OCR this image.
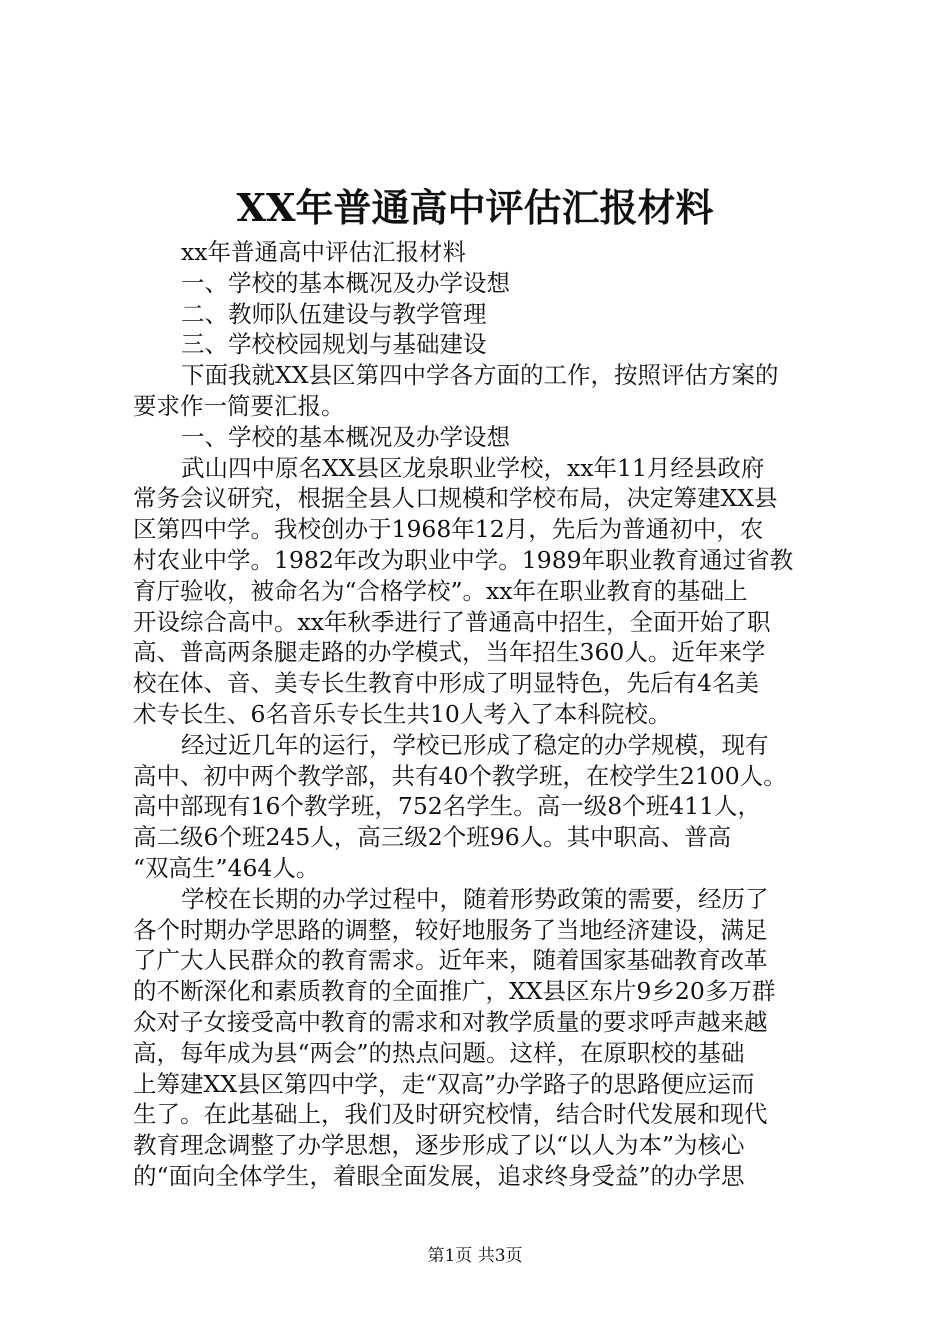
XX年普通高中评估汇报材料
xx年普通高中评估汇报材料
一、学校的基本概况及办学设想
二、教师队伍建设与教学管理
三、学校校园规划与基础建设
下面我就XX县区第四中学各方面的工作，按照评估方案的
要求作一简要汇报。
一、学校的基本概况及办学设想
武山四中原名XX县区龙泉职业学校，xx年11月经县政府
常务会议研究，根据全县人口规模和学校布局，决定筹建XX县
区第四中学。我校创办于1968年12月，先后为普通初中，农
村农业中学。1982年改为职业中学。1989年职业教育通过省教
育厅验收，被命名为“合格学校”。xx年在职业教育的基础上
开设综合高中。xx年秋季进行了普通高中招生，全面开始了职
高、普高两条腿走路的办学模式，当年招生360人。近年来学
校在体、音、美专长生教育中形成了明显特色，先后有4名美
术专长生、6名音乐专长生共10人考入了本科院校。
经过近几年的运行，学校已形成了稳定的办学规模，现有
高中、初中两个教学部，共有40个教学班，在校学生2100人。
高中部现有16个教学班，752名学生。高一级8个班411人，
高二级6个班245人，高三级2个班96人。其中职高、普高
“双高生”464人。
学校在长期的办学过程中，随着形势政策的需要，经历了
各个时期办学思路的调整，较好地服务了当地经济建设，满足
了广大人民群众的教育需求。近年来，随着国家基础教育改革
的不断深化和素质教育的全面推广，XX县区东片9乡20多万群
众对子女接受高中教育的需求和对教学质量的要求呼声越来越
高，每年成为县“两会”的热点问题。这样，在原职校的基础
上筹建XX县区第四中学，走“双高”办学路子的思路便应运而
生了。在此基础上，我们及时研究校情，结合时代发展和现代
教育理念调整了办学思想，逐步形成了以“以人为本”为核心
的“面向全体学生，着眼全面发展，追求终身受益”的办学思
第1页 共3页
